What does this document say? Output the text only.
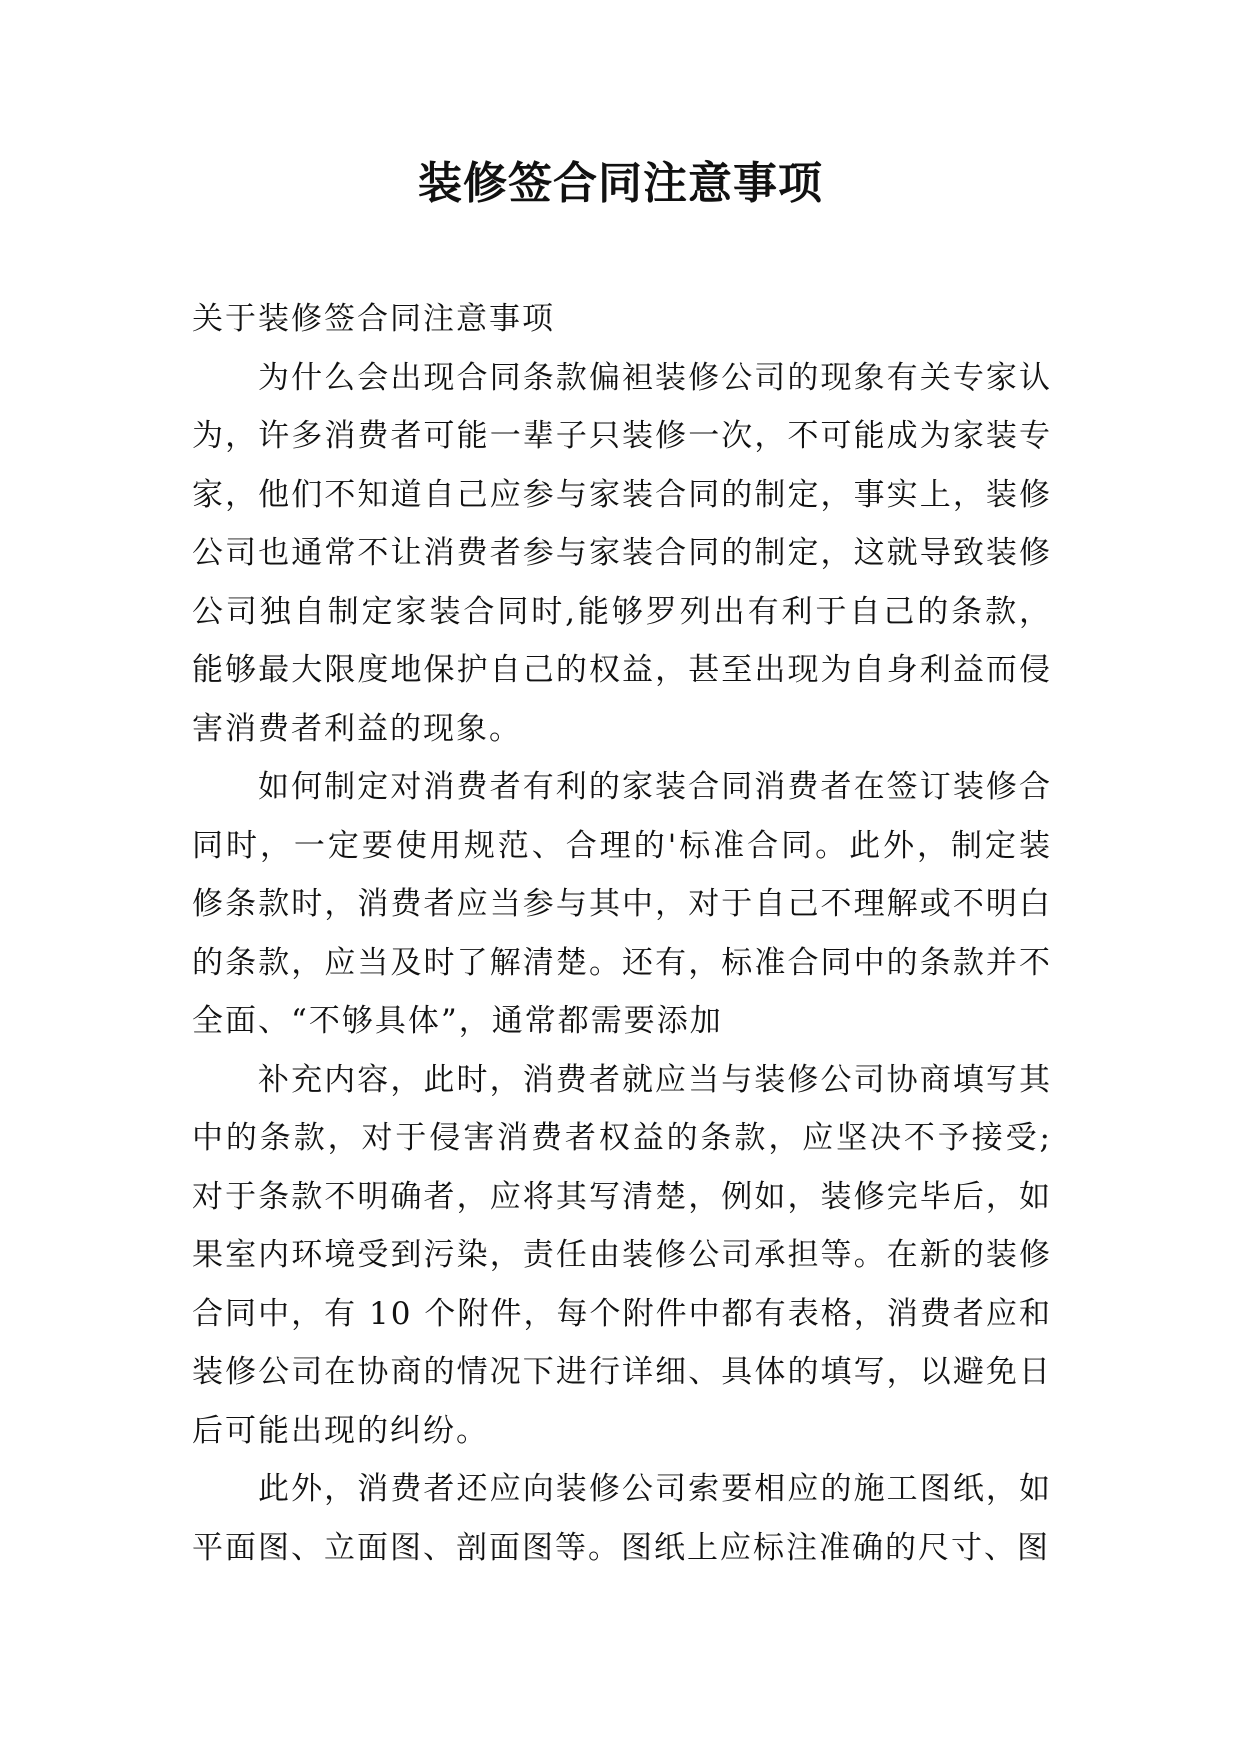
装修签合同注意事项

关于装修签合同注意事项

为什么会出现合同条款偏袒装修公司的现象有关专家认为，许多消费者可能一辈子只装修一次，不可能成为家装专家，他们不知道自己应参与家装合同的制定，事实上，装修公司也通常不让消费者参与家装合同的制定，这就导致装修公司独自制定家装合同时,能够罗列出有利于自己的条款，能够最大限度地保护自己的权益，甚至出现为自身利益而侵害消费者利益的现象。

如何制定对消费者有利的家装合同消费者在签订装修合同时，一定要使用规范、合理的'标准合同。此外，制定装修条款时，消费者应当参与其中，对于自己不理解或不明白的条款，应当及时了解清楚。还有，标准合同中的条款并不全面、“不够具体”，通常都需要添加

补充内容，此时，消费者就应当与装修公司协商填写其中的条款，对于侵害消费者权益的条款，应坚决不予接受;对于条款不明确者，应将其写清楚，例如，装修完毕后，如果室内环境受到污染，责任由装修公司承担等。在新的装修合同中，有 10 个附件，每个附件中都有表格，消费者应和装修公司在协商的情况下进行详细、具体的填写，以避免日后可能出现的纠纷。

此外，消费者还应向装修公司索要相应的施工图纸，如平面图、立面图、剖面图等。图纸上应标注准确的尺寸、图
